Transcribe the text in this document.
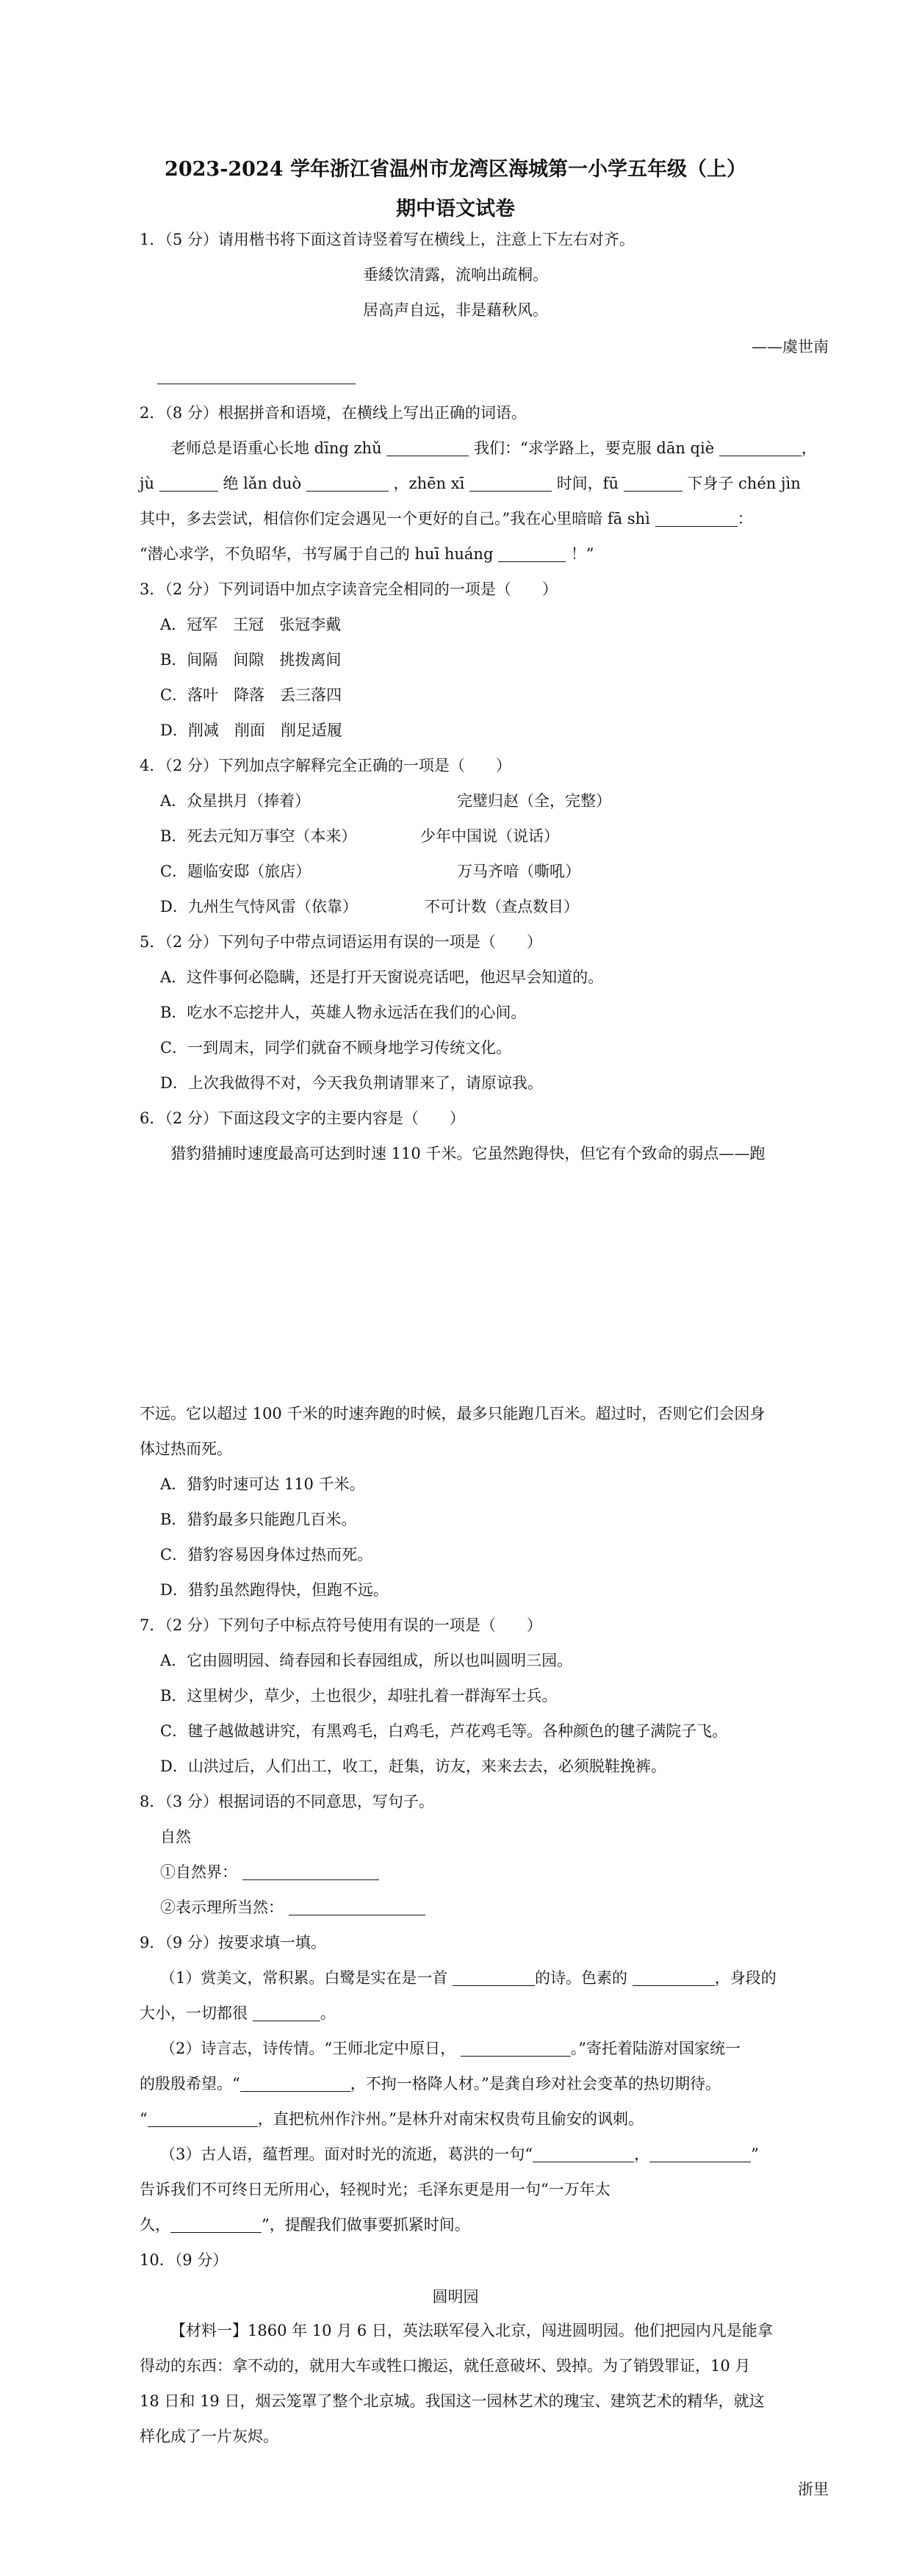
2023-2024 学年浙江省温州市龙湾区海城第一小学五年级（上）
期中语文试卷
1．（5 分）请用楷书将下面这首诗竖着写在横线上，注意上下左右对齐。
垂緌饮清露，流响出疏桐。
居高声自远，非是藉秋风。
——虞世南
2．（8 分）根据拼音和语境，在横线上写出正确的词语。
老师总是语重心长地 dīng zhǔ	我们：“求学路上，要克服 dān qiè	，
jù	绝 lǎn duò	，zhēn xī	时间，fū	下身子 chén jìn
其中，多去尝试，相信你们定会遇见一个更好的自己。”我在心里暗暗 fā shì	：
“潜心求学，不负昭华，书写属于自己的 huī huáng	！”
3．（2 分）下列词语中加点字读音完全相同的一项是（　　）
A．冠军　王冠　张冠李戴
B．间隔　间隙　挑拨离间
C．落叶　降落　丢三落四
D．削减　削面　削足适履
4．（2 分）下列加点字解释完全正确的一项是（　　）
A．众星拱月（捧着）	完璧归赵（全，完整）
B．死去元知万事空（本来）	少年中国说（说话）
C．题临安邸（旅店）	万马齐喑（嘶吼）
D．九州生气恃风雷（依靠）	不可计数（查点数目）
5．（2 分）下列句子中带点词语运用有误的一项是（　　）
A．这件事何必隐瞒，还是打开天窗说亮话吧，他迟早会知道的。
B．吃水不忘挖井人，英雄人物永远活在我们的心间。
C．一到周末，同学们就奋不顾身地学习传统文化。
D．上次我做得不对，今天我负荆请罪来了，请原谅我。
6．（2 分）下面这段文字的主要内容是（　　）
猎豹猎捕时速度最高可达到时速 110 千米。它虽然跑得快，但它有个致命的弱点——跑
不远。它以超过 100 千米的时速奔跑的时候，最多只能跑几百米。超过时，否则它们会因身
体过热而死。
A．猎豹时速可达 110 千米。
B．猎豹最多只能跑几百米。
C．猎豹容易因身体过热而死。
D．猎豹虽然跑得快，但跑不远。
7．（2 分）下列句子中标点符号使用有误的一项是（　　）
A．它由圆明园、绮春园和长春园组成，所以也叫圆明三园。
B．这里树少，草少，土也很少，却驻扎着一群海军士兵。
C．毽子越做越讲究，有黑鸡毛，白鸡毛，芦花鸡毛等。各种颜色的毽子满院子飞。
D．山洪过后，人们出工，收工，赶集，访友，来来去去，必须脱鞋挽裤。
8．（3 分）根据词语的不同意思，写句子。
自然
①自然界：
②表示理所当然：
9．（9 分）按要求填一填。
（1）赏美文，常积累。白鹭是实在是一首	的诗。色素的	，身段的
大小，一切都很	。
（2）诗言志，诗传情。“王师北定中原日，	。”寄托着陆游对国家统一
的殷殷希望。“	，不拘一格降人材。”是龚自珍对社会变革的热切期待。
“	，直把杭州作汴州。”是林升对南宋权贵苟且偷安的讽刺。
（3）古人语，蕴哲理。面对时光的流逝，葛洪的一句“	，	”
告诉我们不可终日无所用心，轻视时光；毛泽东更是用一句“一万年太
久，	”，提醒我们做事要抓紧时间。
10．（9 分）
圆明园
【材料一】1860 年 10 月 6 日，英法联军侵入北京，闯进圆明园。他们把园内凡是能拿
得动的东西：拿不动的，就用大车或牲口搬运，就任意破坏、毁掉。为了销毁罪证，10 月
18 日和 19 日，烟云笼罩了整个北京城。我国这一园林艺术的瑰宝、建筑艺术的精华，就这
样化成了一片灰烬。
浙里
